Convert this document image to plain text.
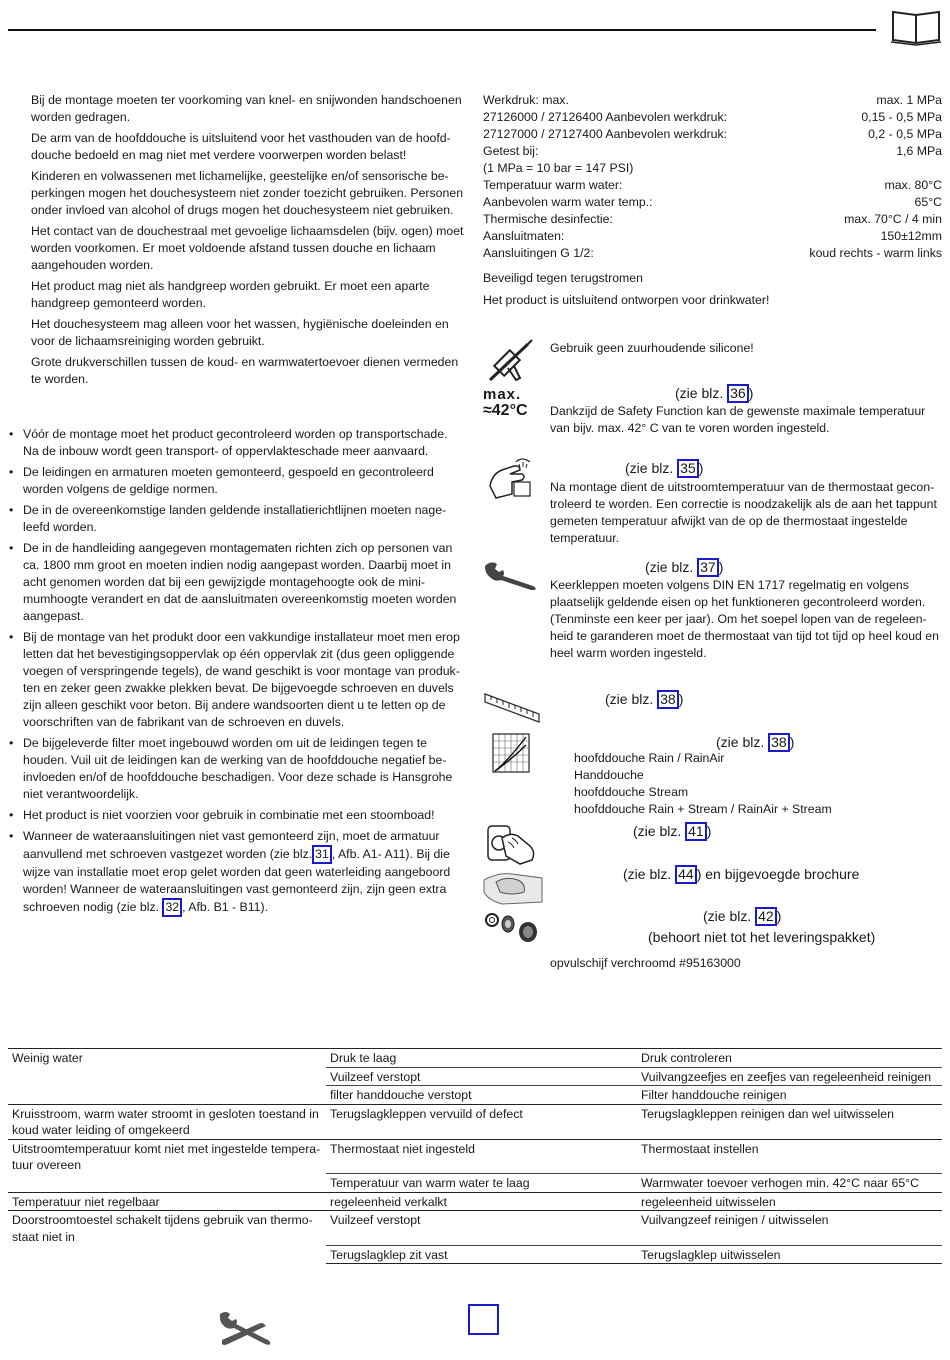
Bij de montage moeten ter voorkoming van knel- en snijwonden handschoenen worden gedragen.

De arm van de hoofddouche is uitsluitend voor het vasthouden van de hoofd-douche bedoeld en mag niet met verdere voorwerpen worden belast!

Kinderen en volwassenen met lichamelijke, geestelijke en/of sensorische be-perkingen mogen het douchesysteem niet zonder toezicht gebruiken. Personen onder invloed van alcohol of drugs mogen het douchesysteem niet gebruiken.

Het contact van de douchestraal met gevoelige lichaamsdelen (bijv. ogen) moet worden voorkomen. Er moet voldoende afstand tussen douche en lichaam aangehouden worden.

Het product mag niet als handgreep worden gebruikt. Er moet een aparte handgreep gemonteerd worden.

Het douchesysteem mag alleen voor het wassen, hygiënische doeleinden en voor de lichaamsreiniging worden gebruikt.

Grote drukverschillen tussen de koud- en warmwatertoevoer dienen vermeden te worden.

• Vóór de montage moet het product gecontroleerd worden op transportschade. Na de inbouw wordt geen transport- of oppervlakteschade meer aanvaard.
• De leidingen en armaturen moeten gemonteerd, gespoeld en gecontroleerd worden volgens de geldige normen.
• De in de overeenkomstige landen geldende installatierichtlijnen moeten nage-leefd worden.
• De in de handleiding aangegeven montagematen richten zich op personen van ca. 1800 mm groot en moeten indien nodig aangepast worden. Daarbij moet in acht genomen worden dat bij een gewijzigde montagehoogte ook de mini-mumhoogte verandert en dat de aansluitmaten overeenkomstig moeten worden aangepast.
• Bij de montage van het produkt door een vakkundige installateur moet men erop letten dat het bevestigingsoppervlak op één oppervlak zit (dus geen opliggende voegen of verspringende tegels), de wand geschikt is voor montage van produk-ten en zeker geen zwakke plekken bevat. De bijgevoegde schroeven en duvels zijn alleen geschikt voor beton. Bij andere wandsoorten dient u te letten op de voorschriften van de fabrikant van de schroeven en duvels.
• De bijgeleverde filter moet ingebouwd worden om uit de leidingen tegen te houden. Vuil uit de leidingen kan de werking van de hoofddouche negatief be-invloeden en/of de hoofddouche beschadigen. Voor deze schade is Hansgrohe niet verantwoordelijk.
• Het product is niet voorzien voor gebruik in combinatie met een stoomboad!
• Wanneer de wateraansluitingen niet vast gemonteerd zijn, moet de armatuur aanvullend met schroeven vastgezet worden (zie blz. 31 , Afb. A1- A11). Bij die wijze van installatie moet erop gelet worden dat geen waterleiding aangeboord worden! Wanneer de wateraansluitingen vast gemonteerd zijn, zijn geen extra schroeven nodig (zie blz. 32 , Afb. B1 - B11).
Werkdruk: max.	max. 1 MPa
27126000 / 27126400 Aanbevolen werkdruk:	0,15 - 0,5 MPa
27127000 / 27127400 Aanbevolen werkdruk:	0,2 - 0,5 MPa
Getest bij:	1,6 MPa
(1 MPa = 10 bar = 147 PSI)
Temperatuur warm water:	max. 80°C
Aanbevolen warm water temp.:	65°C
Thermische desinfectie:	max. 70°C / 4 min
Aansluitmaten:	150±12mm
Aansluitingen G 1/2:	koud rechts - warm links
Beveiligd tegen terugstromen
Het product is uitsluitend ontworpen voor drinkwater!
Gebruik geen zuurhoudende silicone!
max.
≈42°C
(zie blz. 36 )
Dankzijd de Safety Function kan de gewenste maximale temperatuur van bijv. max. 42° C van te voren worden ingesteld.
(zie blz. 35 )
Na montage dient de uitstroomtemperatuur van de thermostaat gecon-troleerd te worden. Een correctie is noodzakelijk als de aan het tappunt gemeten temperatuur afwijkt van de op de thermostaat ingestelde temperatuur.
(zie blz. 37 )
Keerkleppen moeten volgens DIN EN 1717 regelmatig en volgens plaatselijk geldende eisen op het funktioneren gecontroleerd worden. (Tenminste een keer per jaar). Om het soepel lopen van de regeleen-heid te garanderen moet de thermostaat van tijd tot tijd op heel koud en heel warm worden ingesteld.
(zie blz. 38 )
(zie blz. 38 )
hoofddouche Rain / RainAir
Handdouche
hoofddouche Stream
hoofddouche Rain + Stream / RainAir + Stream
(zie blz. 41 )
(zie blz. 44 ) en bijgevoegde brochure
(zie blz. 42 )
(behoort niet tot het leveringspakket)
opvulschijf verchroomd #95163000
Weinig water	Druk te laag	Druk controleren
	Vuilzeef verstopt	Vuilvangzeefjes en zeefjes van regeleenheid reinigen
	filter handdouche verstopt	Filter handdouche reinigen
Kruisstroom, warm water stroomt in gesloten toestand in koud water leiding of omgekeerd	Terugslagkleppen vervuild of defect	Terugslagkleppen reinigen dan wel uitwisselen
Uitstroomtemperatuur komt niet met ingestelde tempera-tuur overeen	Thermostaat niet ingesteld	Thermostaat instellen
	Temperatuur van warm water te laag	Warmwater toevoer verhogen min. 42°C naar 65°C
Temperatuur niet regelbaar	regeleenheid verkalkt	regeleenheid uitwisselen
Doorstroomtoestel schakelt tijdens gebruik van thermo-staat niet in	Vuilzeef verstopt	Vuilvangzeef reinigen / uitwisselen
	Terugslagklep zit vast	Terugslagklep uitwisselen
